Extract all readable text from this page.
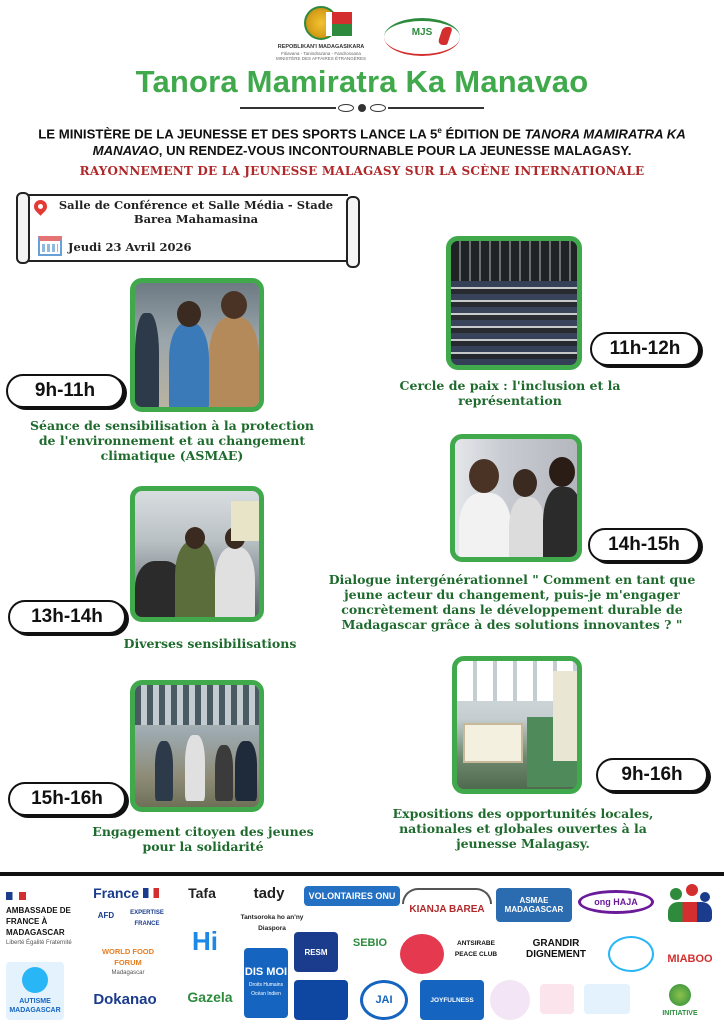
REPOBLIKAN'I MADAGASIKARA
Fitiavana - Tanindrazana - Fandrosoana
MINISTÈRE DES AFFAIRES ÉTRANGÈRES
MJS
Tanora Mamiratra Ka Manavao
LE MINISTÈRE DE LA JEUNESSE ET DES SPORTS LANCE LA 5e ÉDITION DE TANORA MAMIRATRA KA MANAVAO, UN RENDEZ-VOUS INCONTOURNABLE POUR LA JEUNESSE MALAGASY.
RAYONNEMENT DE LA JEUNESSE MALAGASY SUR LA SCÈNE INTERNATIONALE
Salle de Conférence et Salle Média - Stade Barea Mahamasina
Jeudi 23 Avril 2026
9h-11h
Séance de sensibilisation à la protection de l'environnement et au changement climatique (ASMAE)
11h-12h
Cercle de paix : l'inclusion et la représentation
13h-14h
Diverses sensibilisations
14h-15h
Dialogue intergénérationnel " Comment en tant que jeune acteur du changement, puis-je m'engager concrètement dans le développement durable de Madagascar grâce à des solutions innovantes ? "
15h-16h
Engagement citoyen des jeunes pour la solidarité
9h-16h
Expositions des opportunités locales, nationales et globales ouvertes à la jeunesse Malagasy.
AMBASSADE DE FRANCE À MADAGASCAR
Liberté Égalité Fraternité
France
AFD	EXPERTISE FRANCE
Tafa	tady
Tantsoroka ho an'ny Diaspora
VOLONTAIRES ONU
KIANJA BAREA
ASMAE MADAGASCAR
ong HAJA
WORLD FOOD FORUM
Madagascar
Hi	RESM
SEBIO	ANTSIRABE PEACE CLUB
GRANDIR DIGNEMENT	MIABOO
AUTISME MADAGASCAR
Dokanao	Gazela
DIS MOI
Droits Humains Océan Indien	JAI	JOYFULNESS
INITIATIVE
